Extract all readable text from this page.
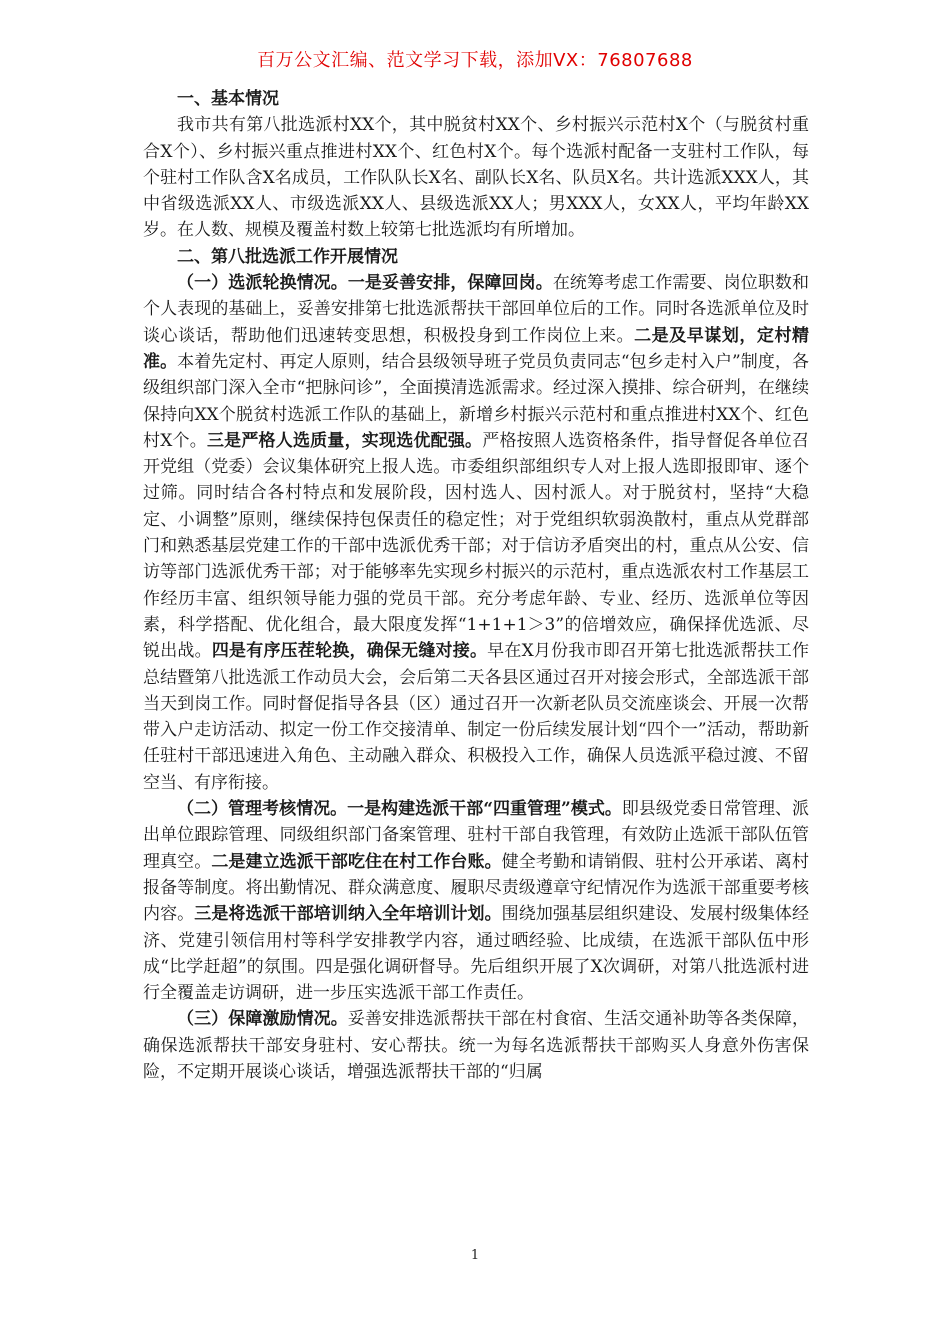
百万公文汇编、范文学习下载，添加VX：76807688

一、基本情况

我市共有第八批选派村XX个，其中脱贫村XX个、乡村振兴示范村X个（与脱贫村重合X个）、乡村振兴重点推进村XX个、红色村X个。每个选派村配备一支驻村工作队，每个驻村工作队含X名成员，工作队队长X名、副队长X名、队员X名。共计选派XXX人，其中省级选派XX人、市级选派XX人、县级选派XX人；男XXX人，女XX人，平均年龄XX岁。在人数、规模及覆盖村数上较第七批选派均有所增加。

二、第八批选派工作开展情况

（一）选派轮换情况。一是妥善安排，保障回岗。在统筹考虑工作需要、岗位职数和个人表现的基础上，妥善安排第七批选派帮扶干部回单位后的工作。同时各选派单位及时谈心谈话，帮助他们迅速转变思想，积极投身到工作岗位上来。二是及早谋划，定村精准。本着先定村、再定人原则，结合县级领导班子党员负责同志“包乡走村入户”制度，各级组织部门深入全市“把脉问诊”，全面摸清选派需求。经过深入摸排、综合研判，在继续保持向XX个脱贫村选派工作队的基础上，新增乡村振兴示范村和重点推进村XX个、红色村X个。三是严格人选质量，实现选优配强。严格按照人选资格条件，指导督促各单位召开党组（党委）会议集体研究上报人选。市委组织部组织专人对上报人选即报即审、逐个过筛。同时结合各村特点和发展阶段，因村选人、因村派人。对于脱贫村，坚持“大稳定、小调整”原则，继续保持包保责任的稳定性；对于党组织软弱涣散村，重点从党群部门和熟悉基层党建工作的干部中选派优秀干部；对于信访矛盾突出的村，重点从公安、信访等部门选派优秀干部；对于能够率先实现乡村振兴的示范村，重点选派农村工作基层工作经历丰富、组织领导能力强的党员干部。充分考虑年龄、专业、经历、选派单位等因素，科学搭配、优化组合，最大限度发挥“1+1+1＞3”的倍增效应，确保择优选派、尽锐出战。四是有序压茬轮换，确保无缝对接。早在X月份我市即召开第七批选派帮扶工作总结暨第八批选派工作动员大会，会后第二天各县区通过召开对接会形式，全部选派干部当天到岗工作。同时督促指导各县（区）通过召开一次新老队员交流座谈会、开展一次帮带入户走访活动、拟定一份工作交接清单、制定一份后续发展计划“四个一”活动，帮助新任驻村干部迅速进入角色、主动融入群众、积极投入工作，确保人员选派平稳过渡、不留空当、有序衔接。

（二）管理考核情况。一是构建选派干部“四重管理”模式。即县级党委日常管理、派出单位跟踪管理、同级组织部门备案管理、驻村干部自我管理，有效防止选派干部队伍管理真空。二是建立选派干部吃住在村工作台账。健全考勤和请销假、驻村公开承诺、离村报备等制度。将出勤情况、群众满意度、履职尽责级遵章守纪情况作为选派干部重要考核内容。三是将选派干部培训纳入全年培训计划。围绕加强基层组织建设、发展村级集体经济、党建引领信用村等科学安排教学内容，通过晒经验、比成绩，在选派干部队伍中形成“比学赶超”的氛围。四是强化调研督导。先后组织开展了X次调研，对第八批选派村进行全覆盖走访调研，进一步压实选派干部工作责任。

（三）保障激励情况。妥善安排选派帮扶干部在村食宿、生活交通补助等各类保障，确保选派帮扶干部安身驻村、安心帮扶。统一为每名选派帮扶干部购买人身意外伤害保险，不定期开展谈心谈话，增强选派帮扶干部的“归属

1
